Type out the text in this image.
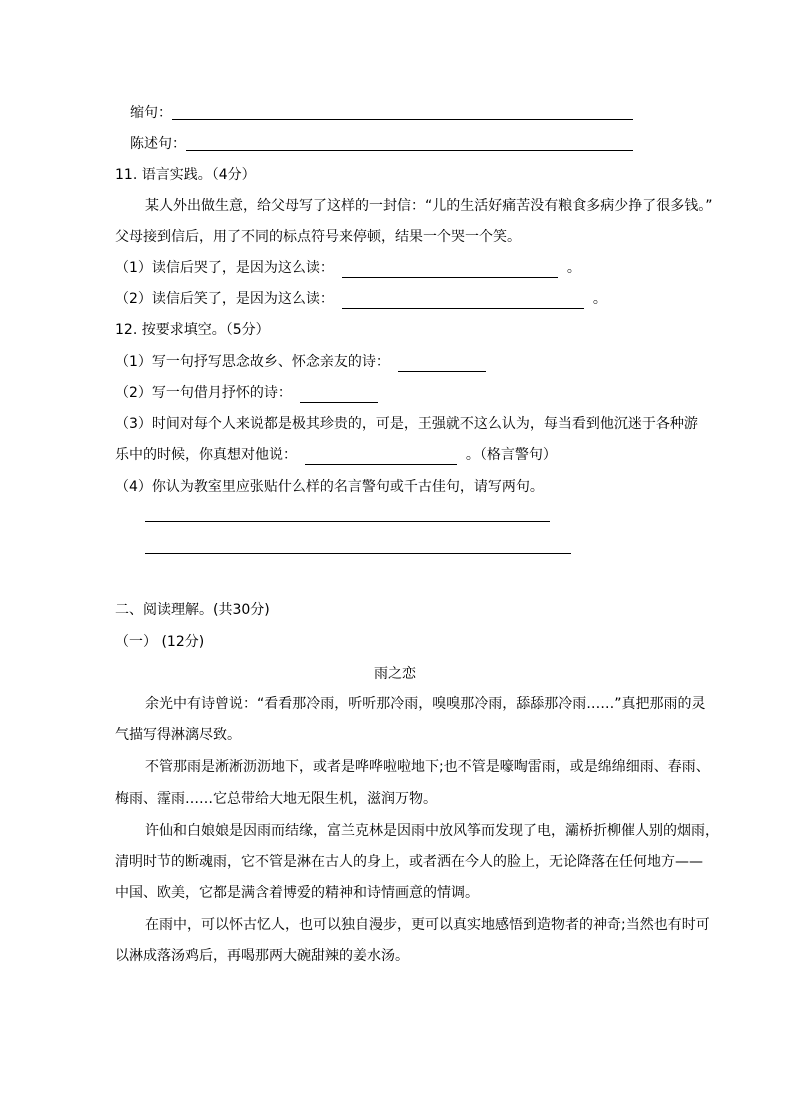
缩句：
陈述句：
11. 语言实践。（4分）
某人外出做生意，给父母写了这样的一封信：“儿的生活好痛苦没有粮食多病少挣了很多钱。”
父母接到信后，用了不同的标点符号来停顿，结果一个哭一个笑。
（1）读信后哭了，是因为这么读：	。
（2）读信后笑了，是因为这么读：	。
12. 按要求填空。（5分）
（1）写一句抒写思念故乡、怀念亲友的诗：
（2）写一句借月抒怀的诗：
（3）时间对每个人来说都是极其珍贵的，可是，王强就不这么认为，每当看到他沉迷于各种游
乐中的时候，你真想对他说：	。（格言警句）
（4）你认为教室里应张贴什么样的名言警句或千古佳句，请写两句。
二、阅读理解。(共30分)
（一） (12分)
雨之恋
余光中有诗曾说：“看看那冷雨，听听那冷雨，嗅嗅那冷雨，舔舔那冷雨……”真把那雨的灵
气描写得淋漓尽致。
不管那雨是淅淅沥沥地下，或者是哗哗啦啦地下;也不管是嚎啕雷雨，或是绵绵细雨、春雨、
梅雨、霪雨……它总带给大地无限生机，滋润万物。
许仙和白娘娘是因雨而结缘，富兰克林是因雨中放风筝而发现了电，灞桥折柳催人别的烟雨，
清明时节的断魂雨，它不管是淋在古人的身上，或者洒在今人的脸上，无论降落在任何地方——
中国、欧美，它都是满含着博爱的精神和诗情画意的情调。
在雨中，可以怀古忆人，也可以独自漫步，更可以真实地感悟到造物者的神奇;当然也有时可
以淋成落汤鸡后，再喝那两大碗甜辣的姜水汤。
